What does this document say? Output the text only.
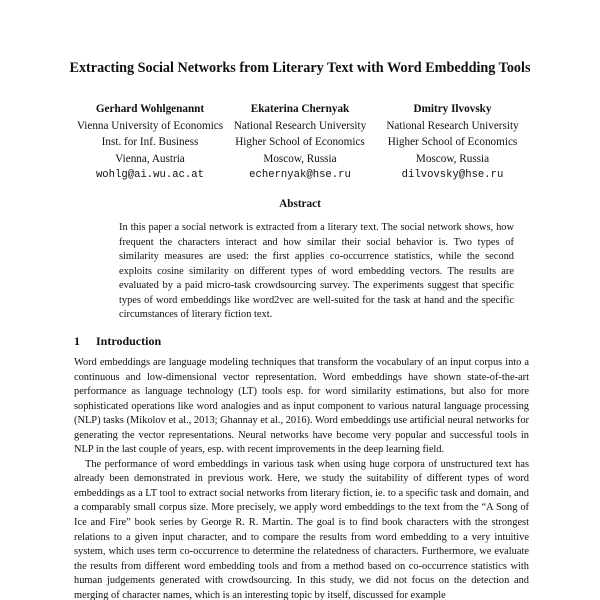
Extracting Social Networks from Literary Text with Word Embedding Tools
Gerhard Wohlgenannt
Vienna University of Economics
Inst. for Inf. Business
Vienna, Austria
wohlg@ai.wu.ac.at
Ekaterina Chernyak
National Research University
Higher School of Economics
Moscow, Russia
echernyak@hse.ru
Dmitry Ilvovsky
National Research University
Higher School of Economics
Moscow, Russia
dilvovsky@hse.ru
Abstract
In this paper a social network is extracted from a literary text. The social network shows, how frequent the characters interact and how similar their social behavior is. Two types of similarity measures are used: the first applies co-occurrence statistics, while the second exploits cosine similarity on different types of word embedding vectors. The results are evaluated by a paid micro-task crowdsourcing survey. The experiments suggest that specific types of word embeddings like word2vec are well-suited for the task at hand and the specific circumstances of literary fiction text.
1 Introduction

Word embeddings are language modeling techniques that transform the vocabulary of an input corpus into a continuous and low-dimensional vector representation. Word embeddings have shown state-of-the-art performance as language technology (LT) tools esp. for word similarity estimations, but also for more sophisticated operations like word analogies and as input component to various natural language processing (NLP) tasks (Mikolov et al., 2013; Ghannay et al., 2016). Word embeddings use artificial neural networks for generating the vector representations. Neural networks have become very popular and successful tools in NLP in the last couple of years, esp. with recent improvements in the deep learning field.

The performance of word embeddings in various task when using huge corpora of unstructured text has already been demonstrated in previous work. Here, we study the suitability of different types of word embeddings as a LT tool to extract social networks from literary fiction, ie. to a specific task and domain, and a comparably small corpus size. More precisely, we apply word embeddings to the text from the “A Song of Ice and Fire” book series by George R. R. Martin. The goal is to find book characters with the strongest relations to a given input character, and to compare the results from word embedding to a very intuitive system, which uses term co-occurrence to determine the relatedness of characters. Furthermore, we evaluate the results from different word embedding tools and from a method based on co-occurrence statistics with human judgements generated with crowdsourcing. In this study, we did not focus on the detection and merging of character names, which is an interesting topic by itself, discussed for example
